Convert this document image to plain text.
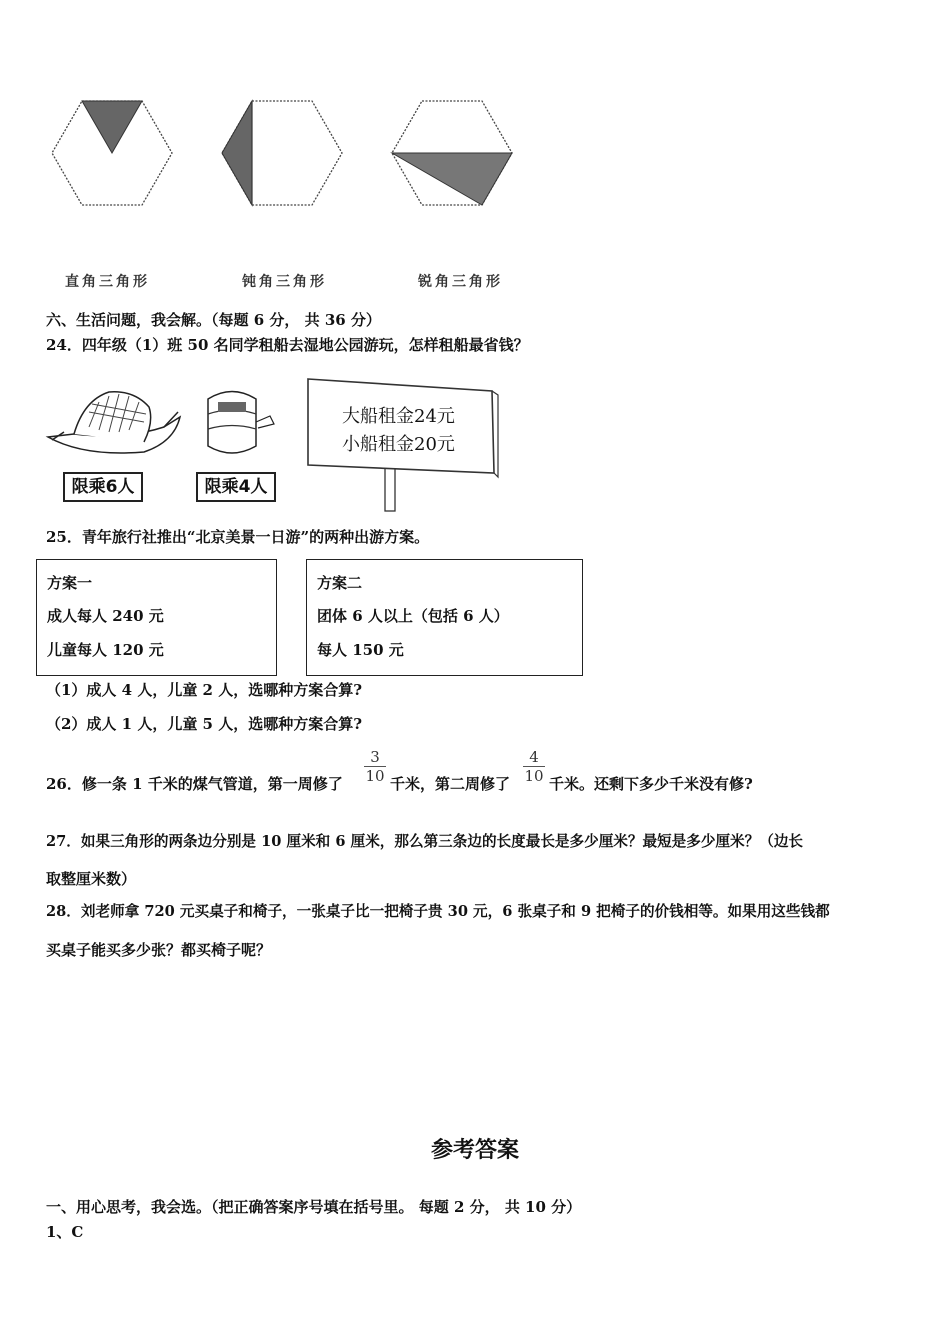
直角三角形	钝角三角形	锐角三角形
六、生活问题，我会解。（每题 6 分， 共 36 分）
24．四年级（1）班 50 名同学租船去湿地公园游玩，怎样租船最省钱？
限乘6人	限乘4人
大船租金24元
小船租金20元
25．青年旅行社推出“北京美景一日游”的两种出游方案。
方案一
成人每人 240 元
儿童每人 120 元
方案二
团体 6 人以上（包括 6 人）
每人 150 元
（1）成人 4 人，儿童 2 人，选哪种方案合算?
（2）成人 1 人，儿童 5 人，选哪种方案合算?
26．修一条 1 千米的煤气管道，第一周修了
3
10 千米，第二周修了
4
10 千米。还剩下多少千米没有修?
27．如果三角形的两条边分别是 10 厘米和 6 厘米，那么第三条边的长度最长是多少厘米？最短是多少厘米？（边长
取整厘米数）
28．刘老师拿 720 元买桌子和椅子，一张桌子比一把椅子贵 30 元，6 张桌子和 9 把椅子的价钱相等。如果用这些钱都
买桌子能买多少张？都买椅子呢？
参考答案
一、用心思考，我会选。（把正确答案序号填在括号里。 每题 2 分， 共 10 分）
1、C
